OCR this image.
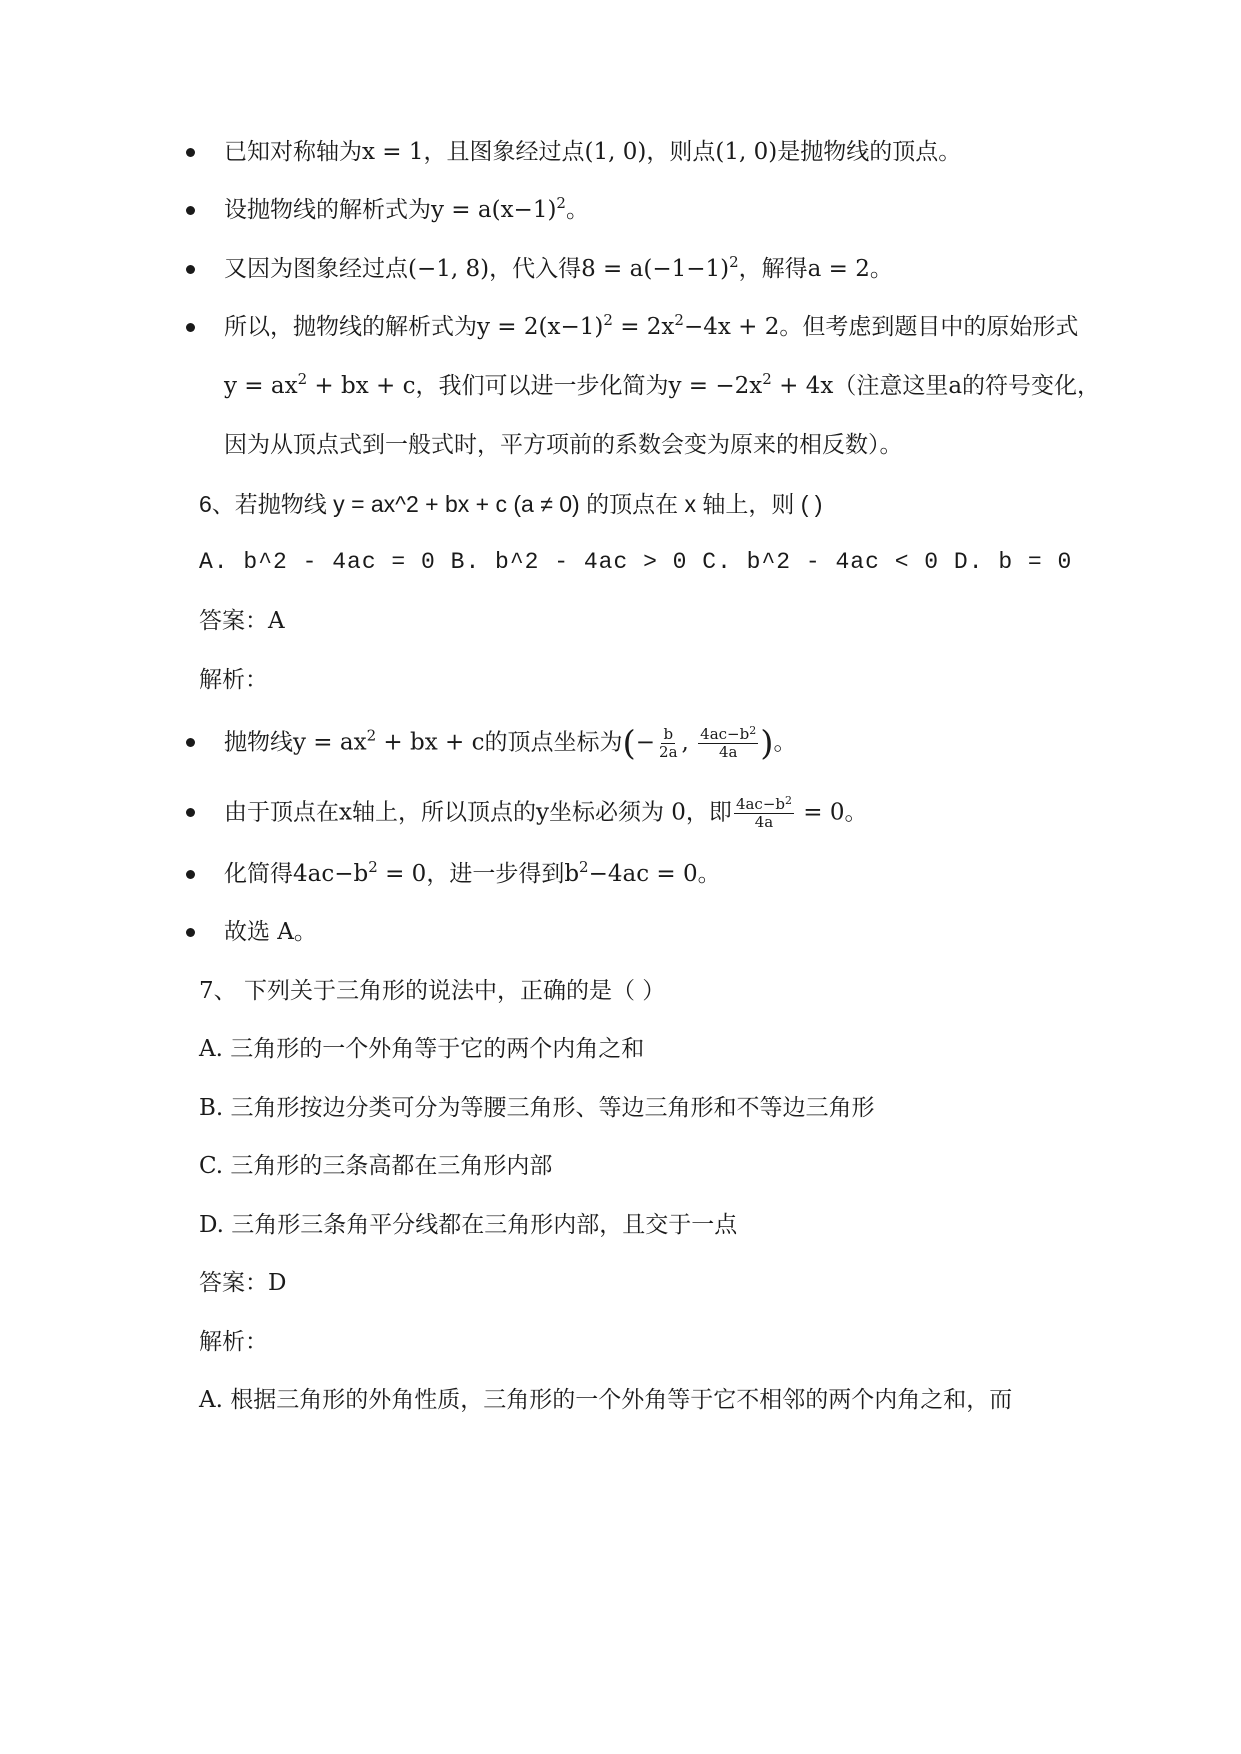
已知对称轴为x = 1，且图象经过点(1, 0)，则点(1, 0)是抛物线的顶点。
设抛物线的解析式为$y = a(x-1)^2$。
又因为图象经过点(−1, 8)，代入得$8 = a(-1-1)^2$，解得a = 2。
所以，抛物线的解析式为$y = 2(x-1)^2 = 2x^2-4x + 2$。但考虑到题目中的原始形式
$y = ax^2$ + bx + c，我们可以进一步化简为$y = -2x^2 + 4x$（注意这里a的符号变化，
因为从顶点式到一般式时，平方项前的系数会变为原来的相反数）。
6、若抛物线 y = ax^2 + bx + c (a ≠ 0) 的顶点在 x 轴上，则 ( )
A. b^2 - 4ac = 0 B. b^2 - 4ac > 0 C. b^2 - 4ac < 0 D. b = 0
答案：A
解析：
抛物线$y = ax^2$ + bx + c的顶点坐标为(− $\frac{b}{2a}$ , $\frac{4ac-b^2}{4a}$ )。
由于顶点在x轴上，所以顶点的y坐标必须为 0，即 $\frac{4ac-b^2}{4a} = 0$。
化简得$4ac-b^2 = 0$，进一步得到$b^2-4ac = 0$。
故选 A。
7、 下列关于三角形的说法中，正确的是（ ）
A. 三角形的一个外角等于它的两个内角之和
B. 三角形按边分类可分为等腰三角形、等边三角形和不等边三角形
C. 三角形的三条高都在三角形内部
D. 三角形三条角平分线都在三角形内部，且交于一点
答案：D
解析：
A. 根据三角形的外角性质，三角形的一个外角等于它不相邻的两个内角之和，而
